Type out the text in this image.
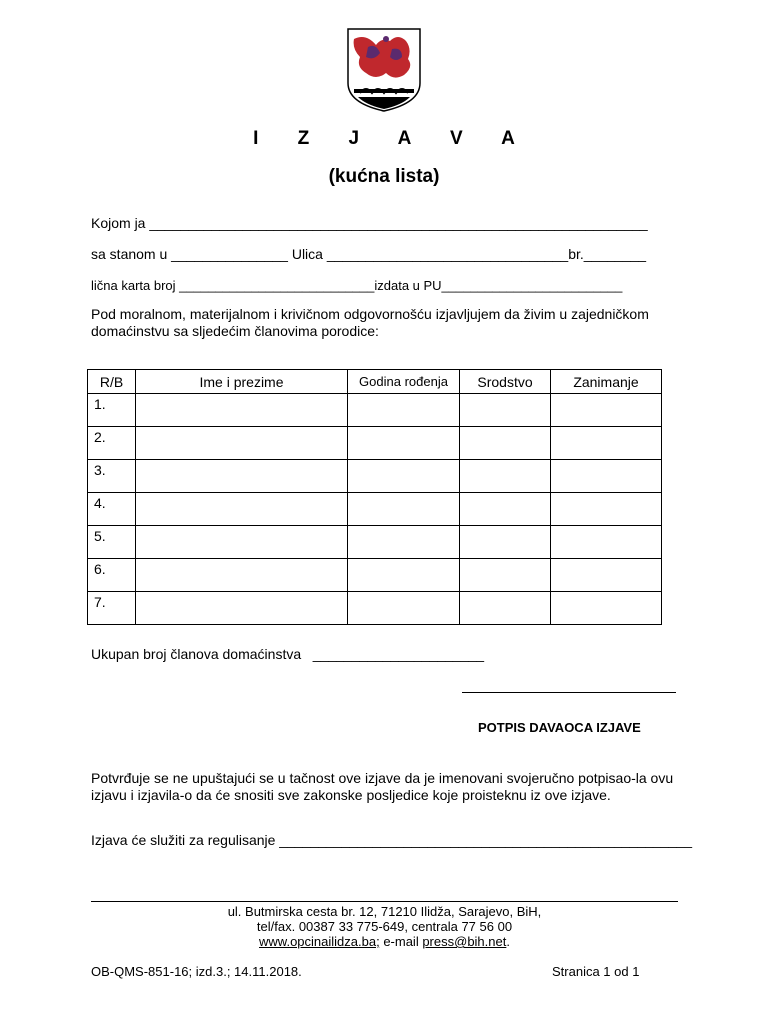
I Z J A V A
(kućna lista)
Kojom ja ________________________________________________________________
sa stanom u _______________ Ulica _______________________________br.________
lična karta broj ___________________________izdata u PU_________________________
Pod moralnom, materijalnom i krivičnom odgovornošću izjavljujem da živim u zajedničkom domaćinstvu sa sljedećim članovima porodice:
R/B	Ime i prezime	Godina rođenja	Srodstvo	Zanimanje
1.				
2.				
3.				
4.				
5.				
6.				
7.				
Ukupan broj članova domaćinstva   ______________________
POTPIS DAVAOCA IZJAVE
Potvrđuje se ne upuštajući se u tačnost ove izjave da je imenovani svojeručno potpisao-la ovu izjavu i izjavila-o da će snositi sve zakonske posljedice koje proisteknu iz ove izjave.
Izjava će služiti za regulisanje _____________________________________________________
ul. Butmirska cesta br. 12, 71210 Ilidža, Sarajevo, BiH,
tel/fax. 00387 33 775-649, centrala 77 56 00
www.opcinailidza.ba; e-mail press@bih.net.
OB-QMS-851-16; izd.3.; 14.11.2018.	Stranica 1 od 1
